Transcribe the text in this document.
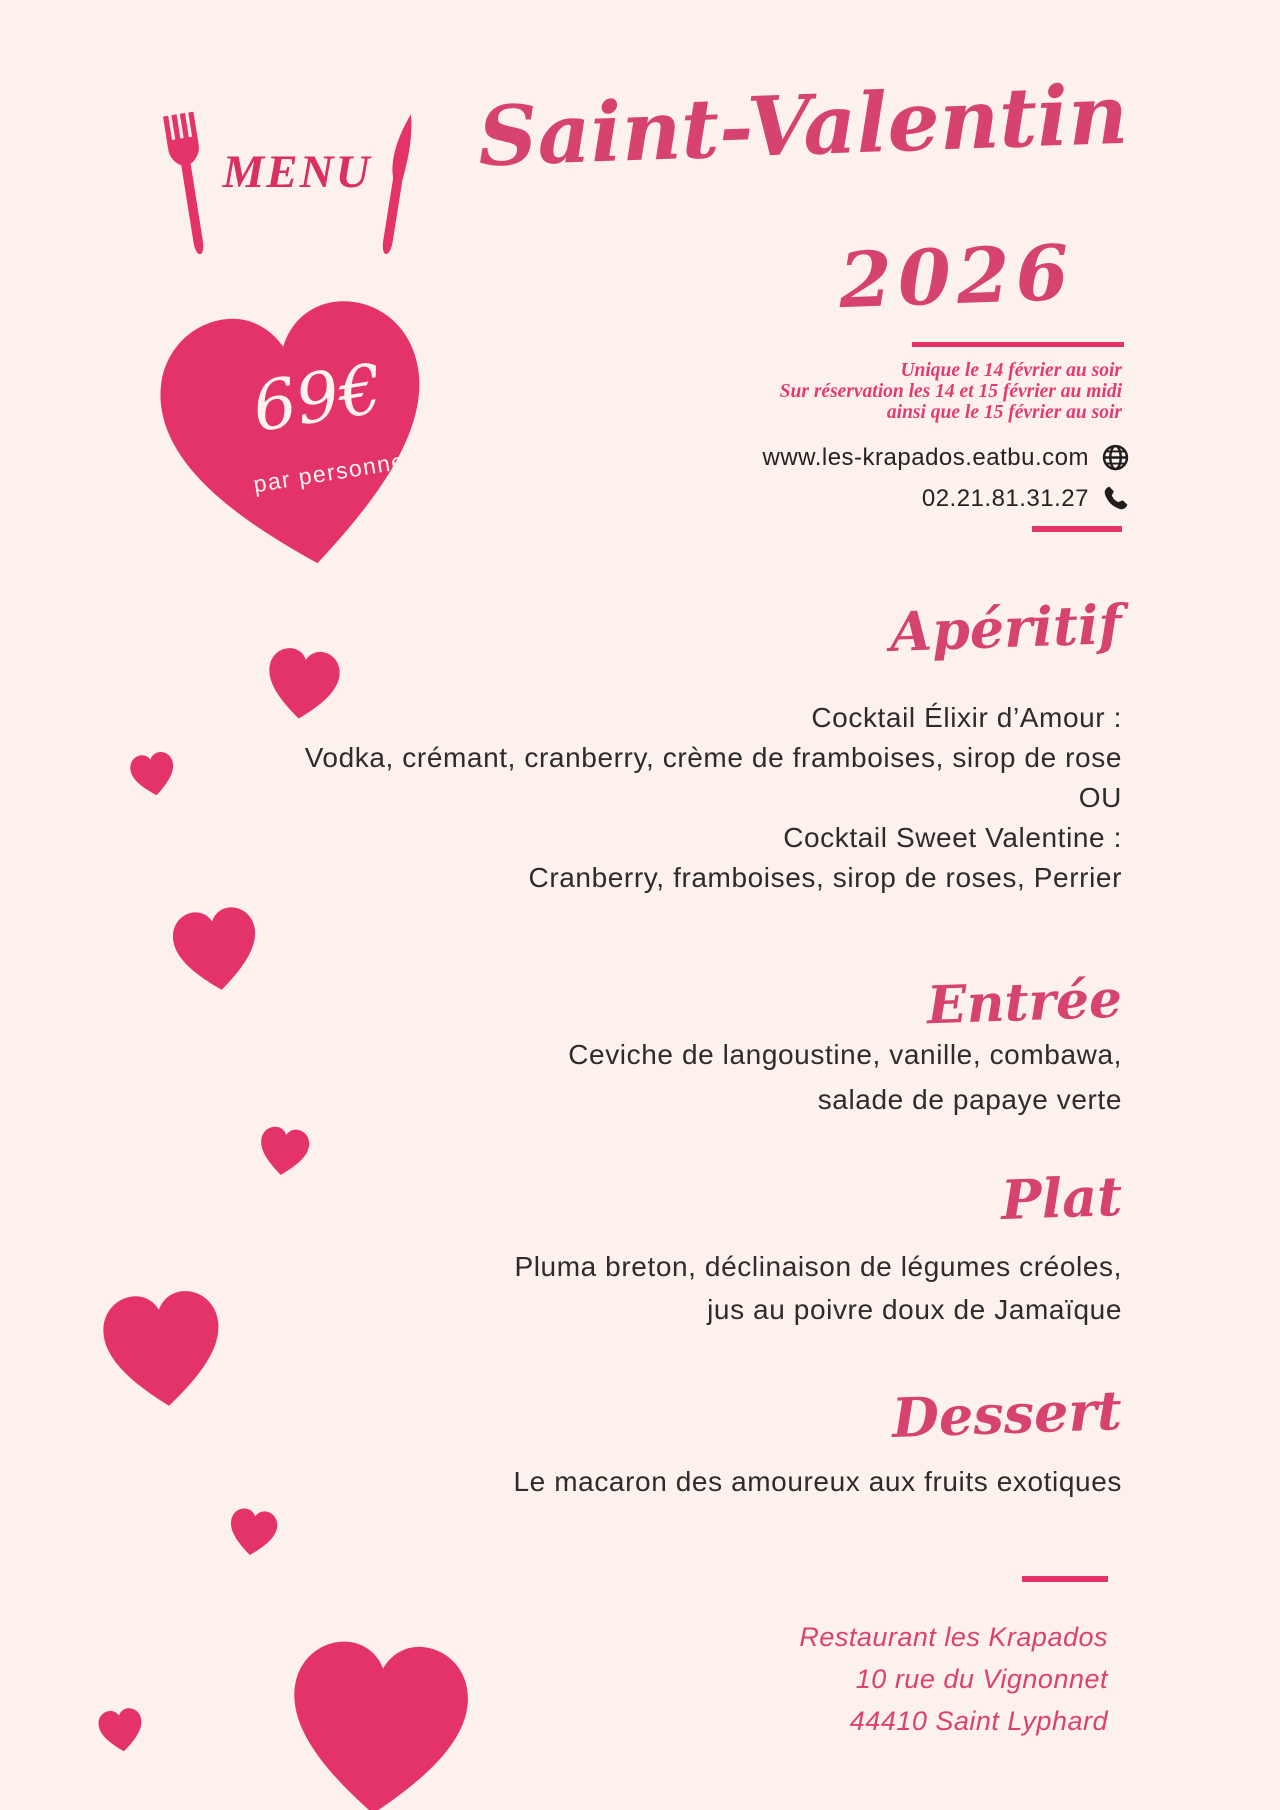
MENU Saint-Valentin
2026
Unique le 14 février au soir
Sur réservation les 14 et 15 février au midi
ainsi que le 15 février au soir
www.les-krapados.eatbu.com
02.21.81.31.27
69€
par personne
Apéritif
Cocktail Élixir d’Amour :
Vodka, crémant, cranberry, crème de framboises, sirop de rose
OU
Cocktail Sweet Valentine :
Cranberry, framboises, sirop de roses, Perrier
Entrée
Ceviche de langoustine, vanille, combawa,
salade de papaye verte
Plat
Pluma breton, déclinaison de légumes créoles,
jus au poivre doux de Jamaïque
Dessert
Le macaron des amoureux aux fruits exotiques
Restaurant les Krapados
10 rue du Vignonnet
44410 Saint Lyphard
